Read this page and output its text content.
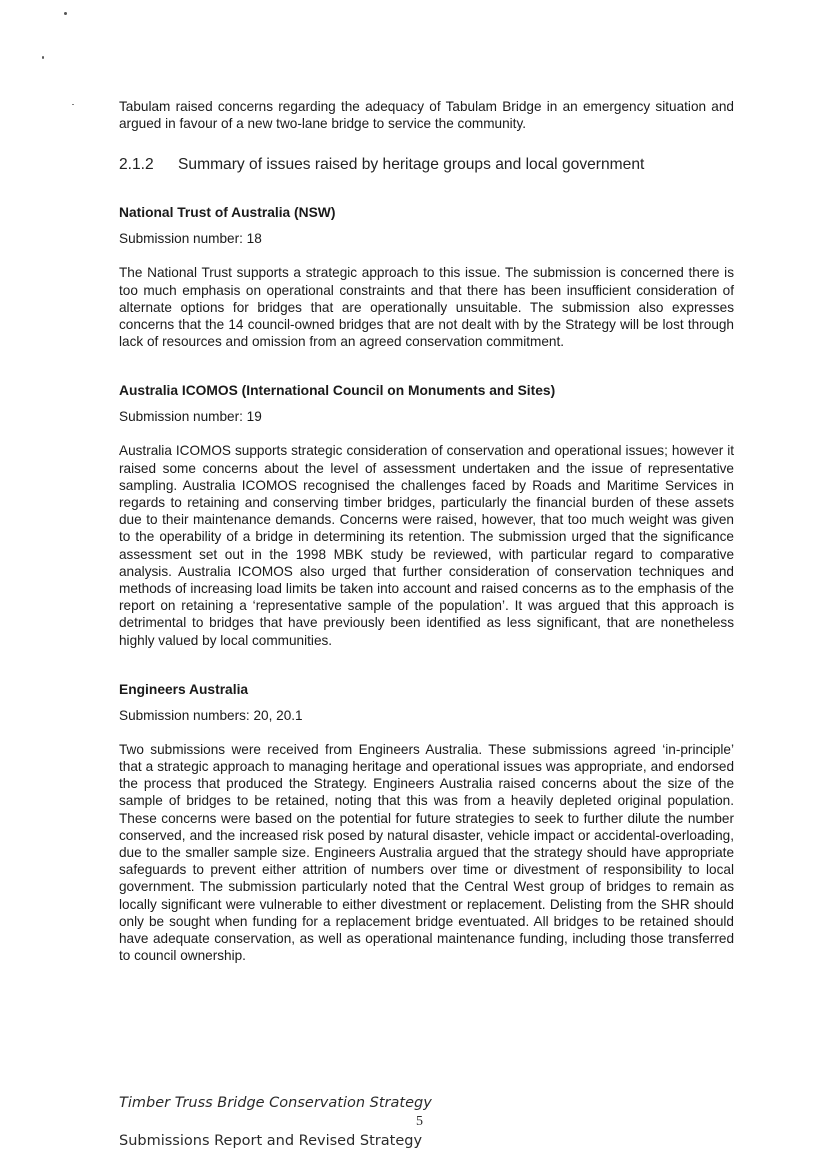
Tabulam raised concerns regarding the adequacy of Tabulam Bridge in an emergency situation and argued in favour of a new two-lane bridge to service the community.

2.1.2	Summary of issues raised by heritage groups and local government
National Trust of Australia (NSW)
Submission number: 18

The National Trust supports a strategic approach to this issue. The submission is concerned there is too much emphasis on operational constraints and that there has been insufficient consideration of alternate options for bridges that are operationally unsuitable. The submission also expresses concerns that the 14 council-owned bridges that are not dealt with by the Strategy will be lost through lack of resources and omission from an agreed conservation commitment.

Australia ICOMOS (International Council on Monuments and Sites)
Submission number: 19

Australia ICOMOS supports strategic consideration of conservation and operational issues; however it raised some concerns about the level of assessment undertaken and the issue of representative sampling. Australia ICOMOS recognised the challenges faced by Roads and Maritime Services in regards to retaining and conserving timber bridges, particularly the financial burden of these assets due to their maintenance demands. Concerns were raised, however, that too much weight was given to the operability of a bridge in determining its retention. The submission urged that the significance assessment set out in the 1998 MBK study be reviewed, with particular regard to comparative analysis. Australia ICOMOS also urged that further consideration of conservation techniques and methods of increasing load limits be taken into account and raised concerns as to the emphasis of the report on retaining a ‘representative sample of the population’. It was argued that this approach is detrimental to bridges that have previously been identified as less significant, that are nonetheless highly valued by local communities.

Engineers Australia
Submission numbers: 20, 20.1

Two submissions were received from Engineers Australia. These submissions agreed ‘in-principle’ that a strategic approach to managing heritage and operational issues was appropriate, and endorsed the process that produced the Strategy. Engineers Australia raised concerns about the size of the sample of bridges to be retained, noting that this was from a heavily depleted original population. These concerns were based on the potential for future strategies to seek to further dilute the number conserved, and the increased risk posed by natural disaster, vehicle impact or accidental-overloading, due to the smaller sample size. Engineers Australia argued that the strategy should have appropriate safeguards to prevent either attrition of numbers over time or divestment of responsibility to local government. The submission particularly noted that the Central West group of bridges to remain as locally significant were vulnerable to either divestment or replacement. Delisting from the SHR should only be sought when funding for a replacement bridge eventuated. All bridges to be retained should have adequate conservation, as well as operational maintenance funding, including those transferred to council ownership.

Timber Truss Bridge Conservation Strategy
5
Submissions Report and Revised Strategy
